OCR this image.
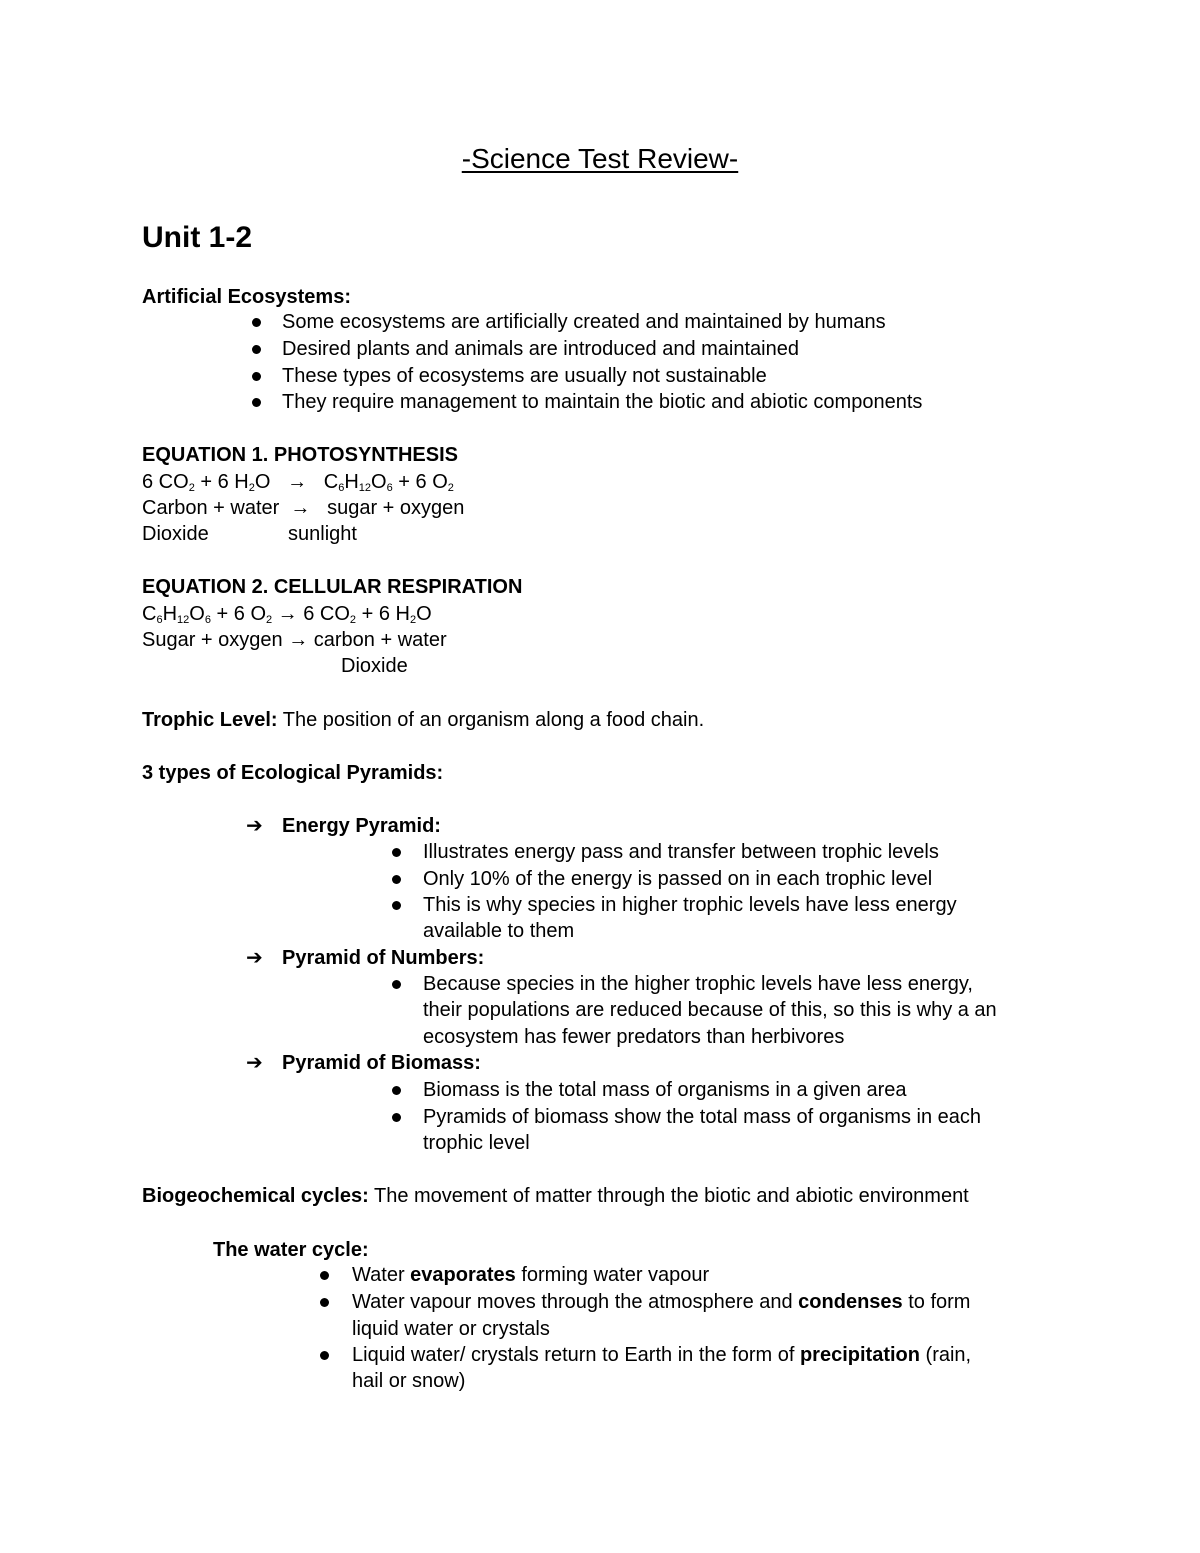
-Science Test Review-
Unit 1-2
Artificial Ecosystems:
Some ecosystems are artificially created and maintained by humans
Desired plants and animals are introduced and maintained
These types of ecosystems are usually not sustainable
They require management to maintain the biotic and abiotic components
EQUATION 1. PHOTOSYNTHESIS
6 $CO_2 + 6$ $H_2O \to C_6H_{12}O_6 + 6$ $O_2$
Carbon + water  →   sugar + oxygen
Dioxide	sunlight
EQUATION 2. CELLULAR RESPIRATION
$C_6H_{12}O_6 + 6$ $O_2 \to 6$ $CO_2 + 6$ $H_2O$
Sugar + oxygen → carbon + water
Dioxide
Trophic Level: The position of an organism along a food chain.
3 types of Ecological Pyramids:
➔ Energy Pyramid:
Illustrates energy pass and transfer between trophic levels
Only 10% of the energy is passed on in each trophic level
This is why species in higher trophic levels have less energy
available to them
➔ Pyramid of Numbers:
Because species in the higher trophic levels have less energy,
their populations are reduced because of this, so this is why a an
ecosystem has fewer predators than herbivores
➔ Pyramid of Biomass:
Biomass is the total mass of organisms in a given area
Pyramids of biomass show the total mass of organisms in each
trophic level
Biogeochemical cycles: The movement of matter through the biotic and abiotic environment
The water cycle:
Water evaporates forming water vapour
Water vapour moves through the atmosphere and condenses to form
liquid water or crystals
Liquid water/ crystals return to Earth in the form of precipitation (rain,
hail or snow)
